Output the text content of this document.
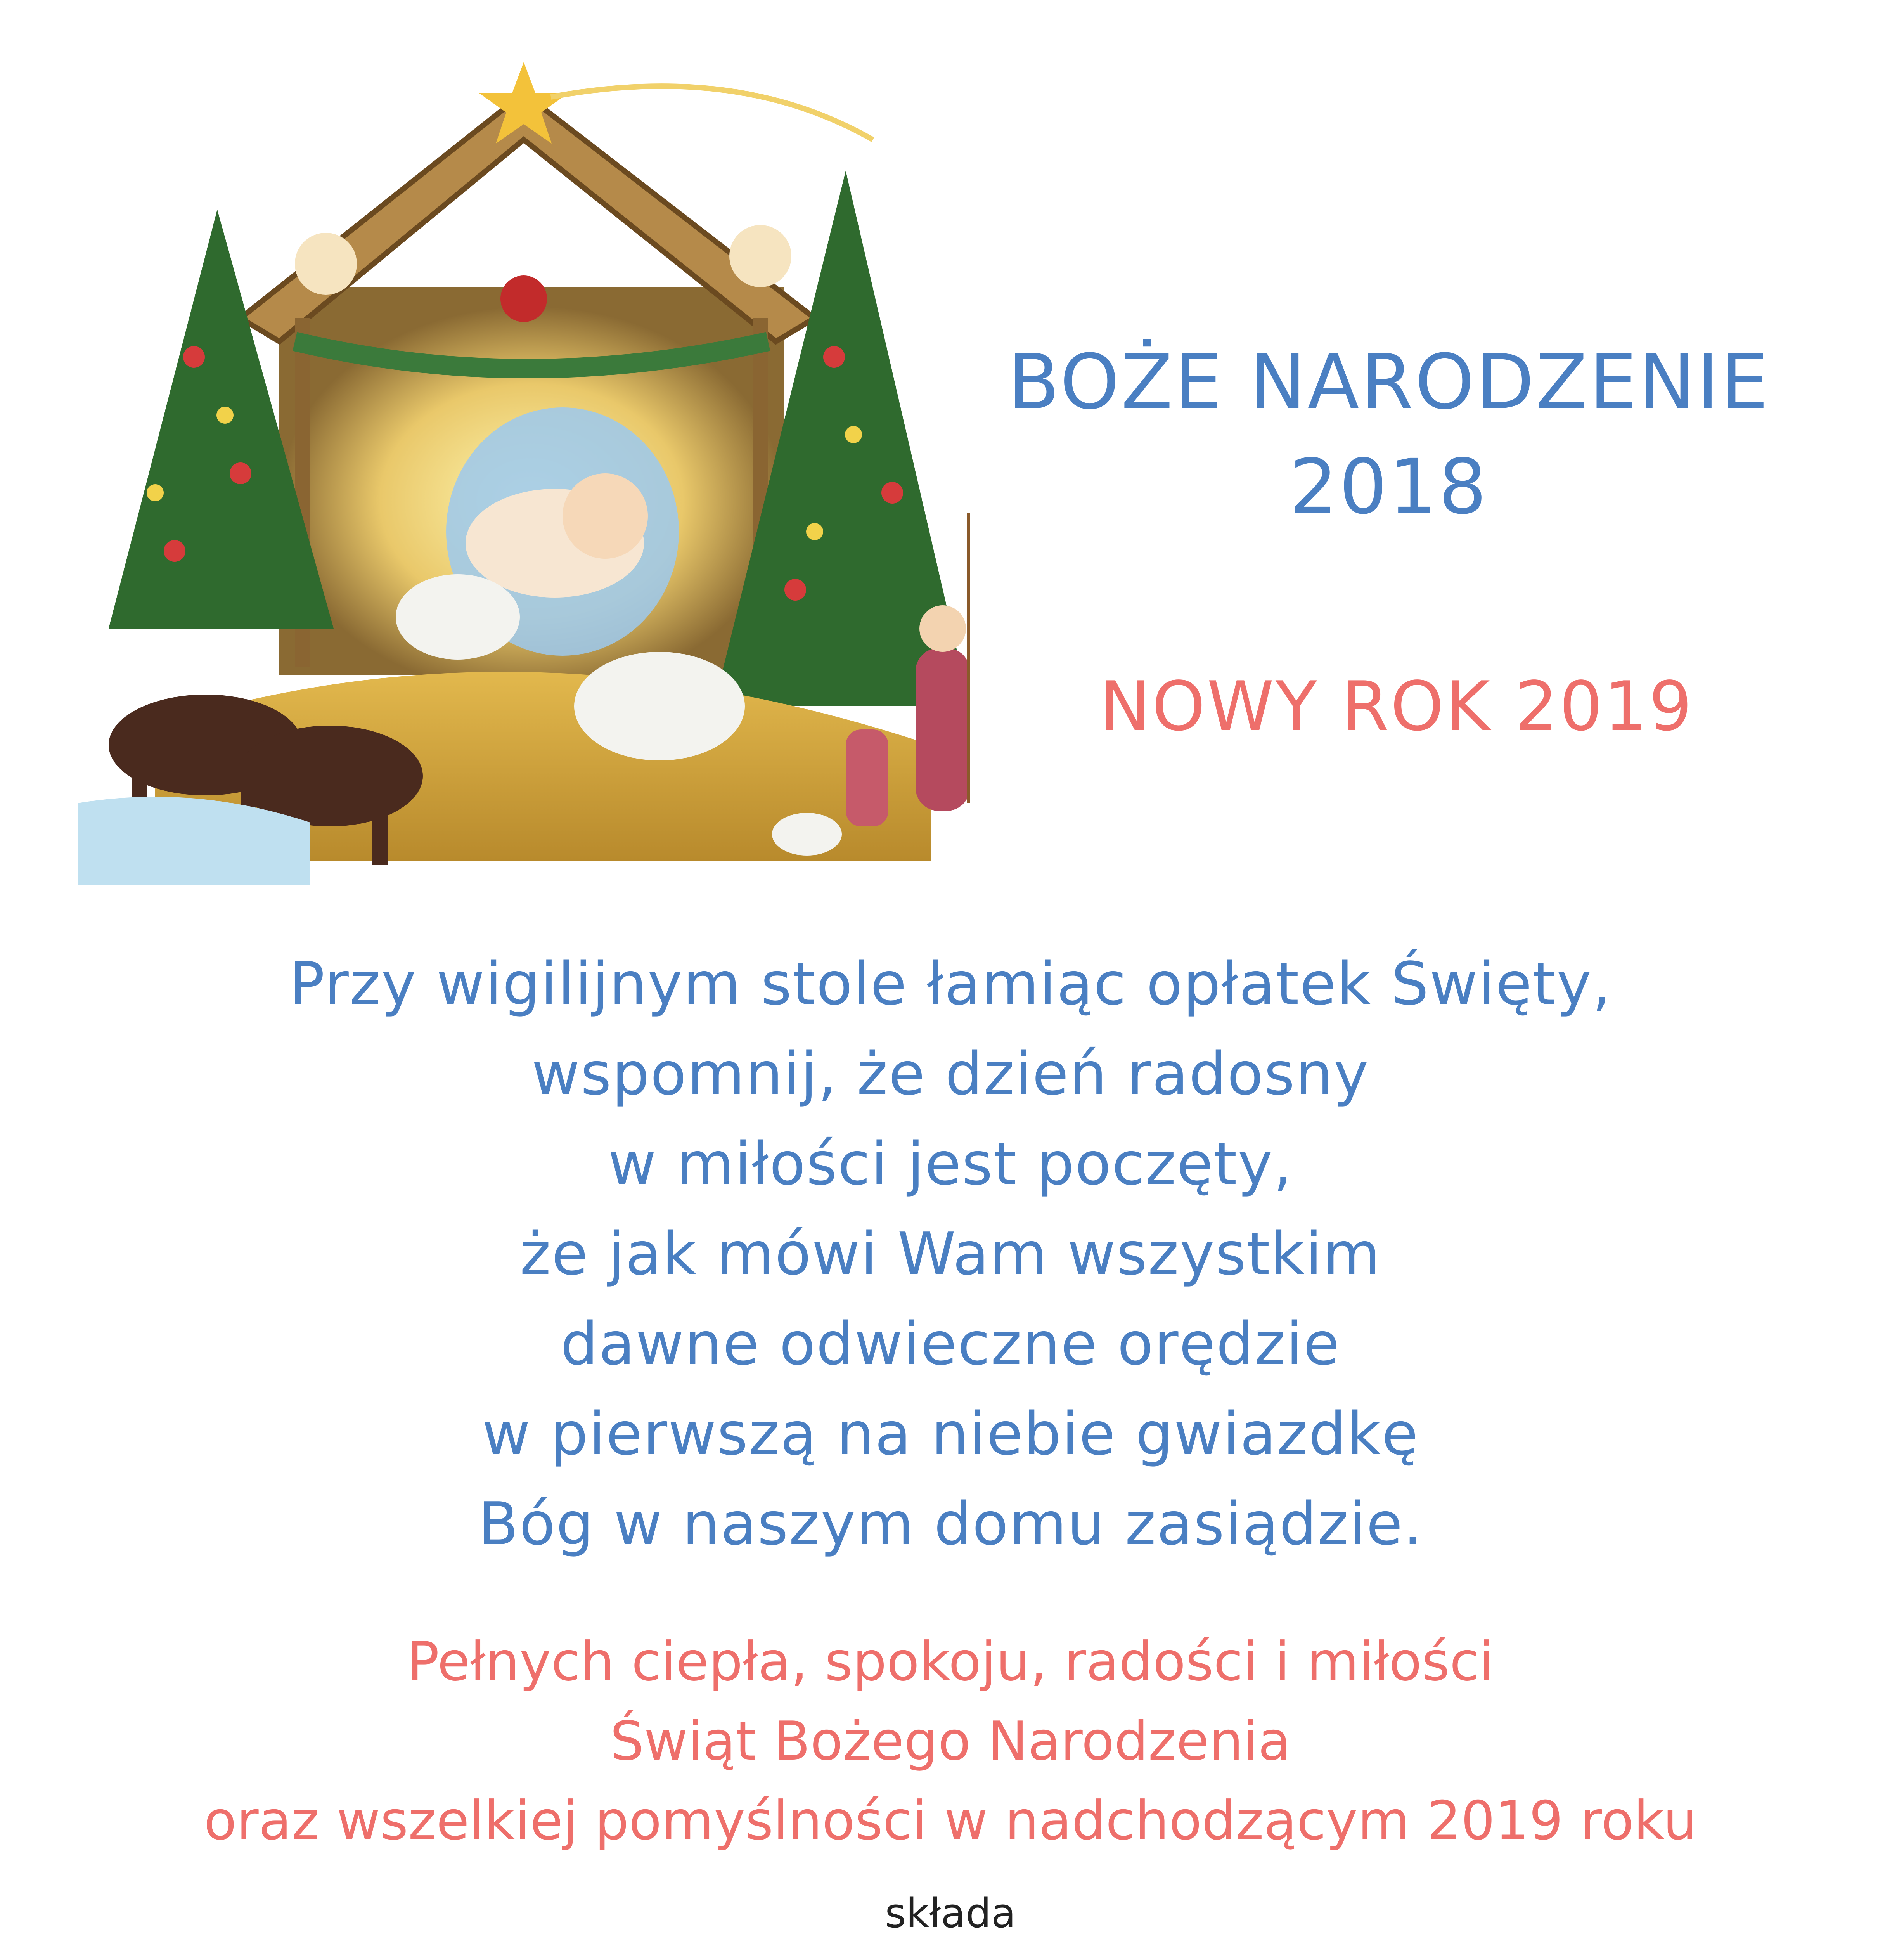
BOŻE NARODZENIE
2018
NOWY ROK 2019
Przy wigilijnym stole łamiąc opłatek Święty,
wspomnij, że dzień radosny
w miłości jest poczęty,
że jak mówi Wam wszystkim
dawne odwieczne orędzie
w pierwszą na niebie gwiazdkę
Bóg w naszym domu zasiądzie.
Pełnych ciepła, spokoju, radości i miłości
Świąt Bożego Narodzenia
oraz wszelkiej pomyślności w nadchodzącym 2019 roku
składa
